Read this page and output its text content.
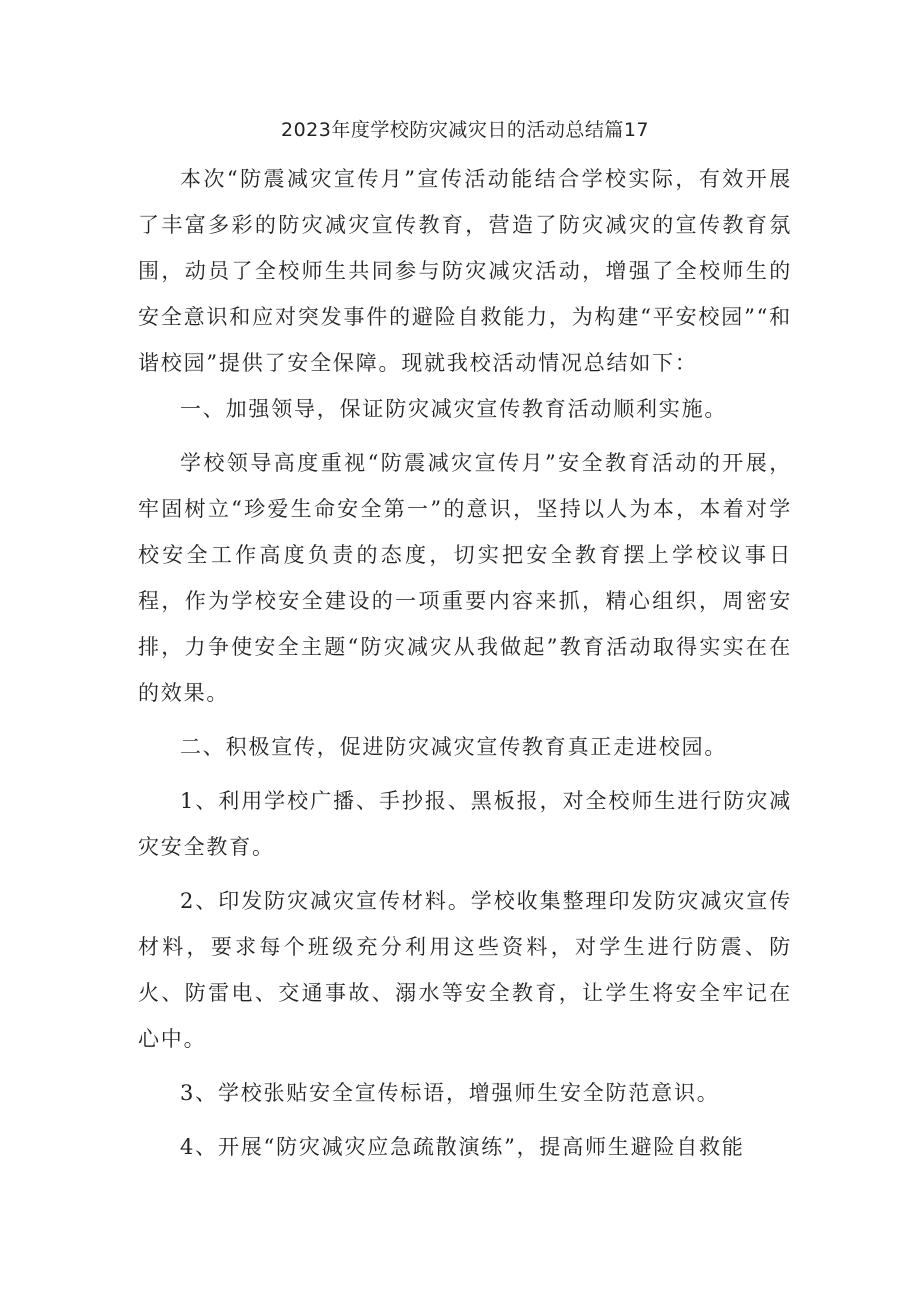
2023年度学校防灾减灾日的活动总结篇17

本次“防震减灾宣传月”宣传活动能结合学校实际，有效开展了丰富多彩的防灾减灾宣传教育，营造了防灾减灾的宣传教育氛围，动员了全校师生共同参与防灾减灾活动，增强了全校师生的安全意识和应对突发事件的避险自救能力，为构建“平安校园”“和谐校园”提供了安全保障。现就我校活动情况总结如下：

一、加强领导，保证防灾减灾宣传教育活动顺利实施。

学校领导高度重视“防震减灾宣传月”安全教育活动的开展，牢固树立“珍爱生命安全第一”的意识，坚持以人为本，本着对学校安全工作高度负责的态度，切实把安全教育摆上学校议事日程，作为学校安全建设的一项重要内容来抓，精心组织，周密安排，力争使安全主题“防灾减灾从我做起”教育活动取得实实在在的效果。

二、积极宣传，促进防灾减灾宣传教育真正走进校园。

1、利用学校广播、手抄报、黑板报，对全校师生进行防灾减灾安全教育。

2、印发防灾减灾宣传材料。学校收集整理印发防灾减灾宣传材料，要求每个班级充分利用这些资料，对学生进行防震、防火、防雷电、交通事故、溺水等安全教育，让学生将安全牢记在心中。

3、学校张贴安全宣传标语，增强师生安全防范意识。

4、开展“防灾减灾应急疏散演练”，提高师生避险自救能
